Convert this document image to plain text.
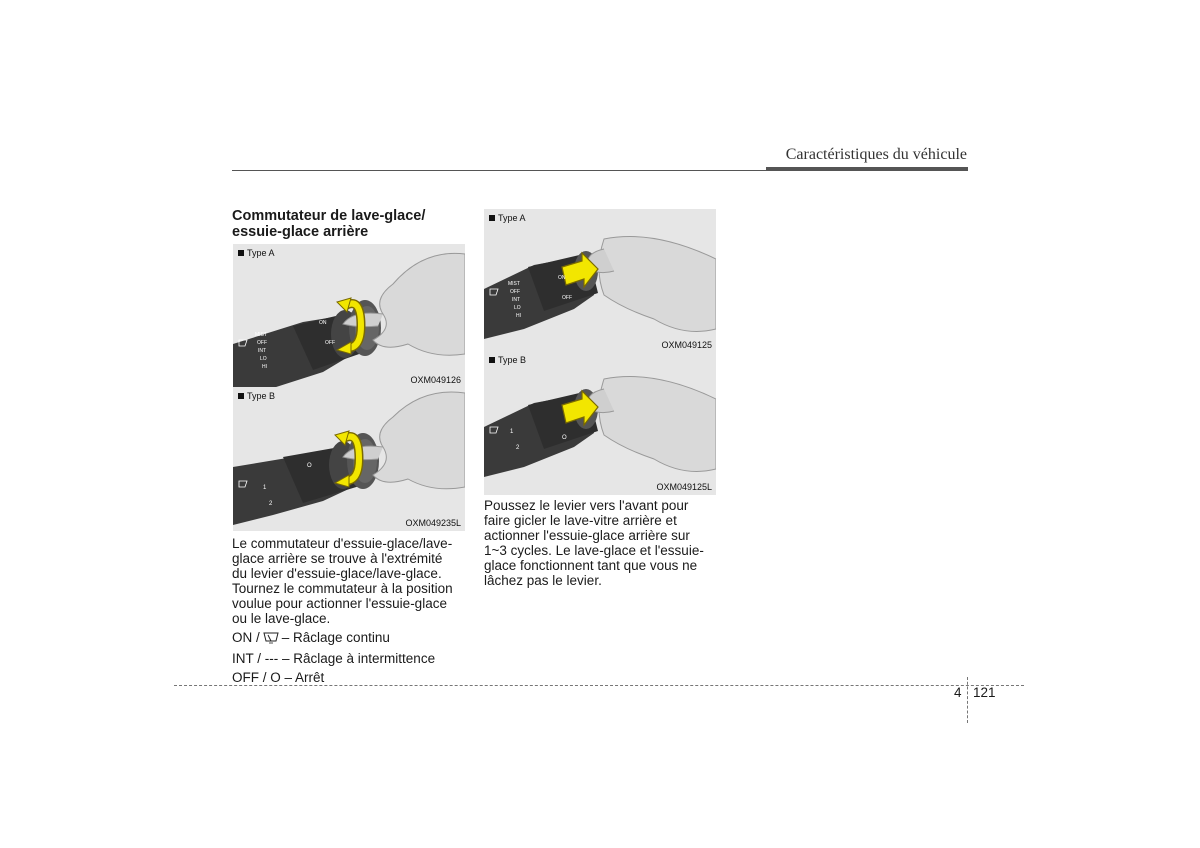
Caractéristiques du véhicule
Commutateur de lave-glace/
essuie-glace arrière
Type A
MIST
OFF
INT
LO
HI
ON
OFF
OXM049126
Type B
1
2
O
OXM049235L
Type A
MIST
OFF
INT
LO
HI
ON
OFF
OXM049125
Type B
1
2
O
OXM049125L

Le commutateur d'essuie-glace/lave-
glace arrière se trouve à l'extrémité
du levier d'essuie-glace/lave-glace.
Tournez le commutateur à la position
voulue pour actionner l'essuie-glace
ou le lave-glace.

ON / – Râclage continu
INT / --- – Râclage à intermittence
OFF / O – Arrêt

Poussez le levier vers l'avant pour
faire gicler le lave-vitre arrière et
actionner l'essuie-glace arrière sur
1~3 cycles. Le lave-glace et l'essuie-
glace fonctionnent tant que vous ne
lâchez pas le levier.

4 121
